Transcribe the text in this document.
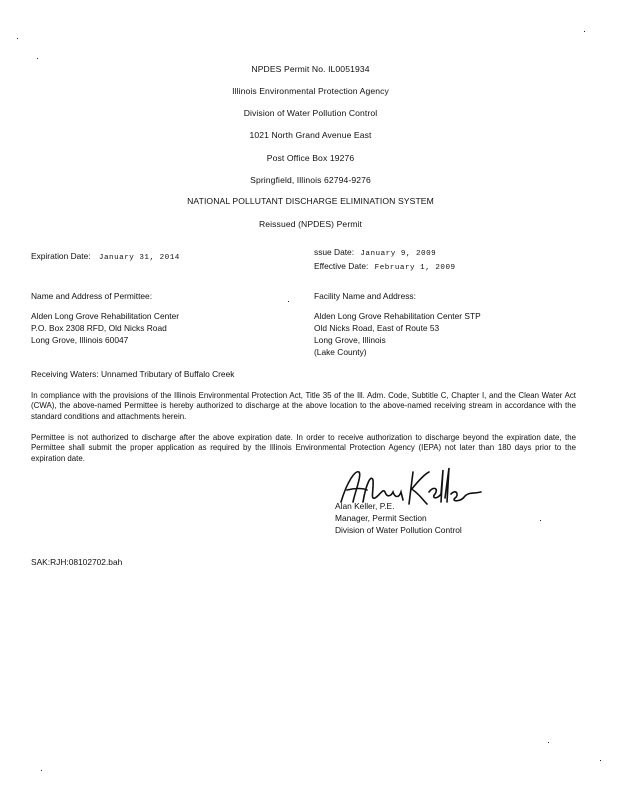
NPDES Permit No. IL0051934
Illinois Environmental Protection Agency
Division of Water Pollution Control
1021 North Grand Avenue East
Post Office Box 19276
Springfield, Illinois 62794-9276
NATIONAL POLLUTANT DISCHARGE ELIMINATION SYSTEM
Reissued (NPDES) Permit
Expiration Date: January 31, 2014
ssue Date: January 9, 2009
Effective Date: February 1, 2009
Name and Address of Permittee:	Facility Name and Address:
Alden Long Grove Rehabilitation Center
P.O. Box 2308 RFD, Old Nicks Road
Long Grove, Illinois 60047
Alden Long Grove Rehabilitation Center STP
Old Nicks Road, East of Route 53
Long Grove, Illinois
(Lake County)
Receiving Waters: Unnamed Tributary of Buffalo Creek
In compliance with the provisions of the Illinois Environmental Protection Act, Title 35 of the Ill. Adm. Code, Subtitle C, Chapter I, and the Clean Water Act (CWA), the above-named Permittee is hereby authorized to discharge at the above location to the above-named receiving stream in accordance with the standard conditions and attachments herein.
Permittee is not authorized to discharge after the above expiration date. In order to receive authorization to discharge beyond the expiration date, the Permittee shall submit the proper application as required by the Illinois Environmental Protection Agency (IEPA) not later than 180 days prior to the expiration date.
Alan Keller, P.E.
Manager, Permit Section
Division of Water Pollution Control
SAK:RJH:08102702.bah
